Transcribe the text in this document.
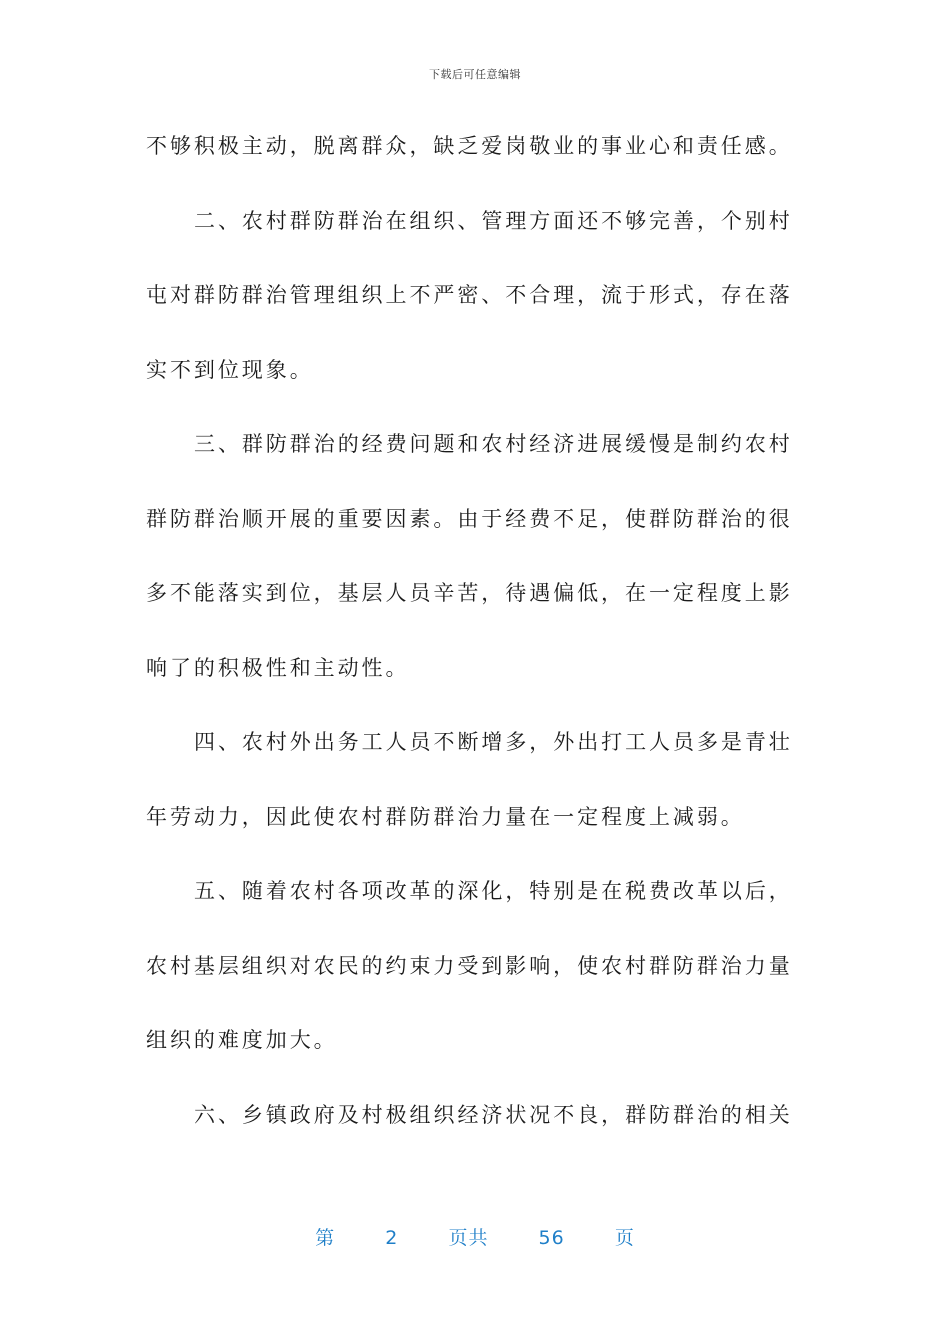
下载后可任意编辑
不够积极主动，脱离群众，缺乏爱岗敬业的事业心和责任感。
二、农村群防群治在组织、管理方面还不够完善，个别村
屯对群防群治管理组织上不严密、不合理，流于形式，存在落
实不到位现象。
三、群防群治的经费问题和农村经济进展缓慢是制约农村
群防群治顺开展的重要因素。由于经费不足，使群防群治的很
多不能落实到位，基层人员辛苦，待遇偏低，在一定程度上影
响了的积极性和主动性。
四、农村外出务工人员不断增多，外出打工人员多是青壮
年劳动力，因此使农村群防群治力量在一定程度上减弱。
五、随着农村各项改革的深化，特别是在税费改革以后，
农村基层组织对农民的约束力受到影响，使农村群防群治力量
组织的难度加大。
六、乡镇政府及村极组织经济状况不良，群防群治的相关
第	2	页共	56	页
